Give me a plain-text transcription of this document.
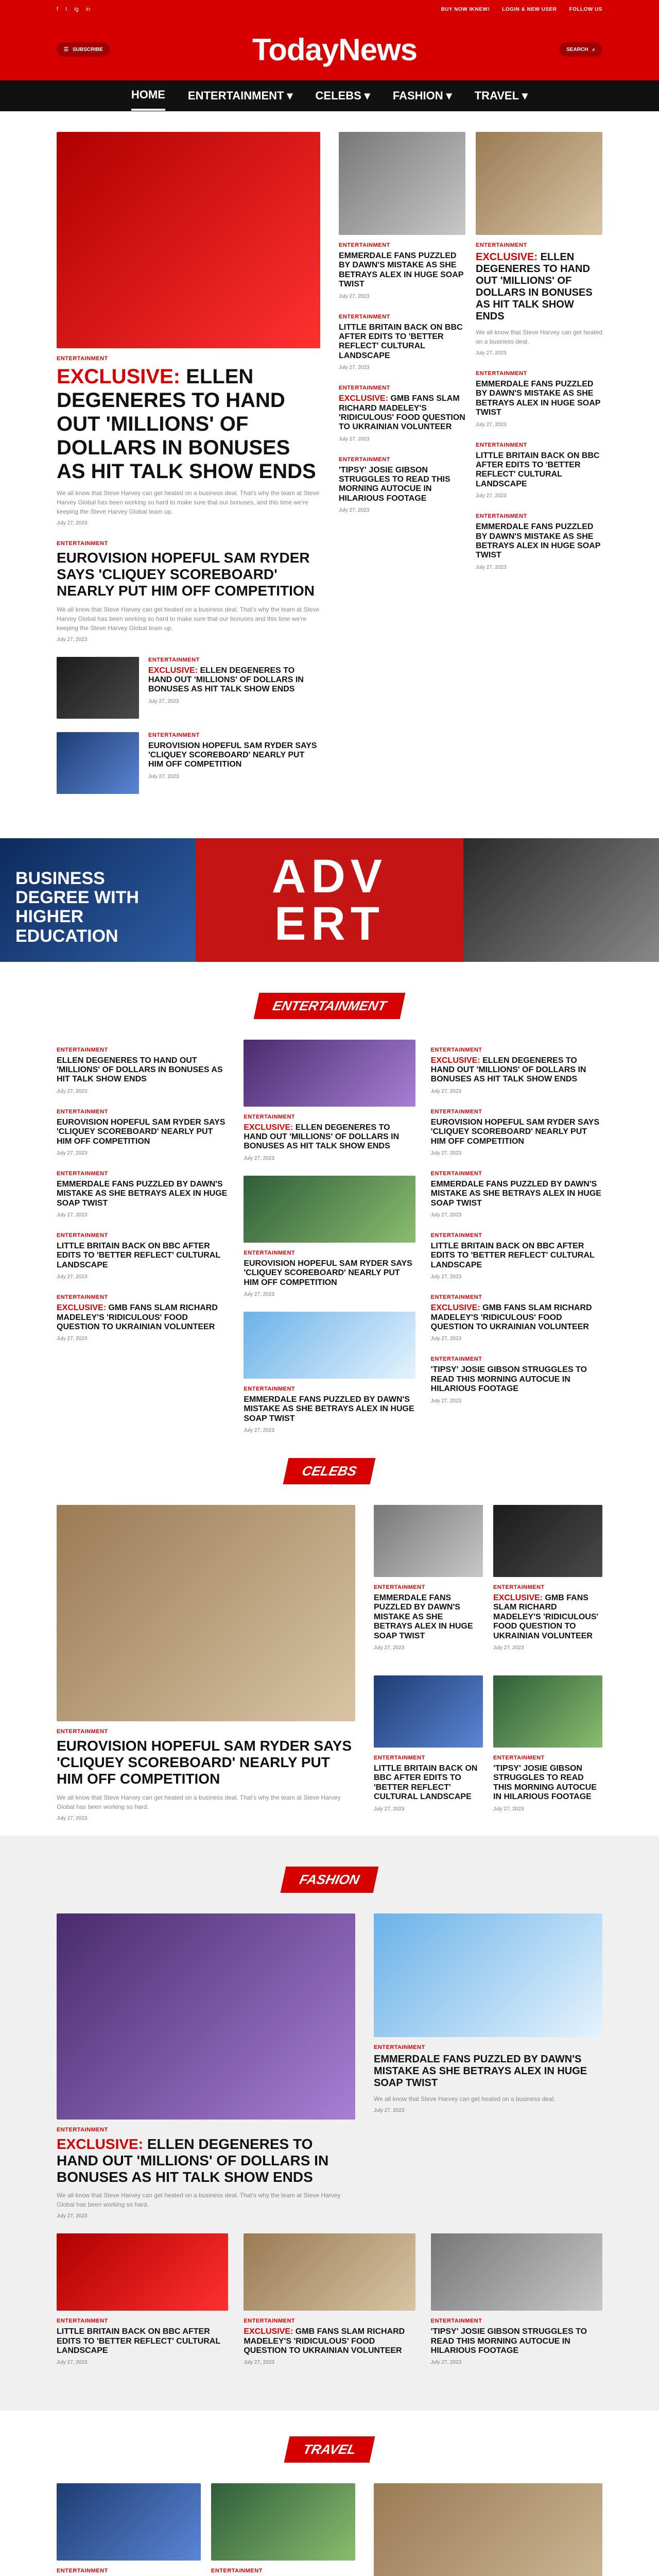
f t ig in	BUY NOW IKNEW! LOGIN & NEW USER FOLLOW US
☰ SUBSCRIBE	TodayNews	SEARCH ⌕
HOME ENTERTAINMENT ▾ CELEBS ▾ FASHION ▾ TRAVEL ▾
ENTERTAINMENT
EXCLUSIVE: ELLEN DEGENERES TO HAND OUT 'MILLIONS' OF DOLLARS IN BONUSES AS HIT TALK SHOW ENDS
We all know that Steve Harvey can get heated on a business deal. That's why the team at Steve Harvey Global has been working so hard to make sure that our bonuses, and this time we're keeping the Steve Harvey Global team up.
July 27, 2023
ENTERTAINMENT
EUROVISION HOPEFUL SAM RYDER SAYS 'CLIQUEY SCOREBOARD' NEARLY PUT HIM OFF COMPETITION
We all know that Steve Harvey can get heated on a business deal. That's why the team at Steve Harvey Global has been working so hard to make sure that our bonuses and this time we're keeping the Steve Harvey Global team up.
July 27, 2023
ENTERTAINMENT
EXCLUSIVE: ELLEN DEGENERES TO HAND OUT 'MILLIONS' OF DOLLARS IN BONUSES AS HIT TALK SHOW ENDS
July 27, 2023
ENTERTAINMENT
EUROVISION HOPEFUL SAM RYDER SAYS 'CLIQUEY SCOREBOARD' NEARLY PUT HIM OFF COMPETITION
July 27, 2023
ENTERTAINMENT
EMMERDALE FANS PUZZLED BY DAWN'S MISTAKE AS SHE BETRAYS ALEX IN HUGE SOAP TWIST
July 27, 2023
ENTERTAINMENT
LITTLE BRITAIN BACK ON BBC AFTER EDITS TO 'BETTER REFLECT' CULTURAL LANDSCAPE
July 27, 2023
ENTERTAINMENT
EXCLUSIVE: GMB FANS SLAM RICHARD MADELEY'S 'RIDICULOUS' FOOD QUESTION TO UKRAINIAN VOLUNTEER
July 27, 2023
ENTERTAINMENT
'TIPSY' JOSIE GIBSON STRUGGLES TO READ THIS MORNING AUTOCUE IN HILARIOUS FOOTAGE
July 27, 2023
ENTERTAINMENT
EXCLUSIVE: ELLEN DEGENERES TO HAND OUT 'MILLIONS' OF DOLLARS IN BONUSES AS HIT TALK SHOW ENDS
We all know that Steve Harvey can get heated on a business deal.
July 27, 2023
ENTERTAINMENT
EMMERDALE FANS PUZZLED BY DAWN'S MISTAKE AS SHE BETRAYS ALEX IN HUGE SOAP TWIST
July 27, 2023
ENTERTAINMENT
LITTLE BRITAIN BACK ON BBC AFTER EDITS TO 'BETTER REFLECT' CULTURAL LANDSCAPE
July 27, 2023
ENTERTAINMENT
EMMERDALE FANS PUZZLED BY DAWN'S MISTAKE AS SHE BETRAYS ALEX IN HUGE SOAP TWIST
July 27, 2023
BUSINESS DEGREE WITH HIGHER EDUCATION
ADV
ERT
ENTERTAINMENT
ENTERTAINMENT
ELLEN DEGENERES TO HAND OUT 'MILLIONS' OF DOLLARS IN BONUSES AS HIT TALK SHOW ENDS
July 27, 2023
ENTERTAINMENT
EUROVISION HOPEFUL SAM RYDER SAYS 'CLIQUEY SCOREBOARD' NEARLY PUT HIM OFF COMPETITION
July 27, 2023
ENTERTAINMENT
EMMERDALE FANS PUZZLED BY DAWN'S MISTAKE AS SHE BETRAYS ALEX IN HUGE SOAP TWIST
July 27, 2023
ENTERTAINMENT
LITTLE BRITAIN BACK ON BBC AFTER EDITS TO 'BETTER REFLECT' CULTURAL LANDSCAPE
July 27, 2023
ENTERTAINMENT
EXCLUSIVE: GMB FANS SLAM RICHARD MADELEY'S 'RIDICULOUS' FOOD QUESTION TO UKRAINIAN VOLUNTEER
July 27, 2023
ENTERTAINMENT
EXCLUSIVE: ELLEN DEGENERES TO HAND OUT 'MILLIONS' OF DOLLARS IN BONUSES AS HIT TALK SHOW ENDS
July 27, 2023
ENTERTAINMENT
EUROVISION HOPEFUL SAM RYDER SAYS 'CLIQUEY SCOREBOARD' NEARLY PUT HIM OFF COMPETITION
July 27, 2023
ENTERTAINMENT
EMMERDALE FANS PUZZLED BY DAWN'S MISTAKE AS SHE BETRAYS ALEX IN HUGE SOAP TWIST
July 27, 2023
ENTERTAINMENT
EXCLUSIVE: ELLEN DEGENERES TO HAND OUT 'MILLIONS' OF DOLLARS IN BONUSES AS HIT TALK SHOW ENDS
July 27, 2023
ENTERTAINMENT
EUROVISION HOPEFUL SAM RYDER SAYS 'CLIQUEY SCOREBOARD' NEARLY PUT HIM OFF COMPETITION
July 27, 2023
ENTERTAINMENT
EMMERDALE FANS PUZZLED BY DAWN'S MISTAKE AS SHE BETRAYS ALEX IN HUGE SOAP TWIST
July 27, 2023
ENTERTAINMENT
LITTLE BRITAIN BACK ON BBC AFTER EDITS TO 'BETTER REFLECT' CULTURAL LANDSCAPE
July 27, 2023
ENTERTAINMENT
EXCLUSIVE: GMB FANS SLAM RICHARD MADELEY'S 'RIDICULOUS' FOOD QUESTION TO UKRAINIAN VOLUNTEER
July 27, 2023
ENTERTAINMENT
'TIPSY' JOSIE GIBSON STRUGGLES TO READ THIS MORNING AUTOCUE IN HILARIOUS FOOTAGE
July 27, 2023
CELEBS
ENTERTAINMENT
EUROVISION HOPEFUL SAM RYDER SAYS 'CLIQUEY SCOREBOARD' NEARLY PUT HIM OFF COMPETITION
We all know that Steve Harvey can get heated on a business deal. That's why the team at Steve Harvey Global has been working so hard.
July 27, 2023
ENTERTAINMENT
EMMERDALE FANS PUZZLED BY DAWN'S MISTAKE AS SHE BETRAYS ALEX IN HUGE SOAP TWIST
July 27, 2023
ENTERTAINMENT
EXCLUSIVE: GMB FANS SLAM RICHARD MADELEY'S 'RIDICULOUS' FOOD QUESTION TO UKRAINIAN VOLUNTEER
July 27, 2023
ENTERTAINMENT
LITTLE BRITAIN BACK ON BBC AFTER EDITS TO 'BETTER REFLECT' CULTURAL LANDSCAPE
July 27, 2023
ENTERTAINMENT
'TIPSY' JOSIE GIBSON STRUGGLES TO READ THIS MORNING AUTOCUE IN HILARIOUS FOOTAGE
July 27, 2023
FASHION
ENTERTAINMENT
EXCLUSIVE: ELLEN DEGENERES TO HAND OUT 'MILLIONS' OF DOLLARS IN BONUSES AS HIT TALK SHOW ENDS
We all know that Steve Harvey can get heated on a business deal. That's why the team at Steve Harvey Global has been working so hard.
July 27, 2023
ENTERTAINMENT
EMMERDALE FANS PUZZLED BY DAWN'S MISTAKE AS SHE BETRAYS ALEX IN HUGE SOAP TWIST
We all know that Steve Harvey can get heated on a business deal.
July 27, 2023
ENTERTAINMENT
LITTLE BRITAIN BACK ON BBC AFTER EDITS TO 'BETTER REFLECT' CULTURAL LANDSCAPE
July 27, 2023
ENTERTAINMENT
EXCLUSIVE: GMB FANS SLAM RICHARD MADELEY'S 'RIDICULOUS' FOOD QUESTION TO UKRAINIAN VOLUNTEER
July 27, 2023
ENTERTAINMENT
'TIPSY' JOSIE GIBSON STRUGGLES TO READ THIS MORNING AUTOCUE IN HILARIOUS FOOTAGE
July 27, 2023
TRAVEL
ENTERTAINMENT	ENTERTAINMENT
